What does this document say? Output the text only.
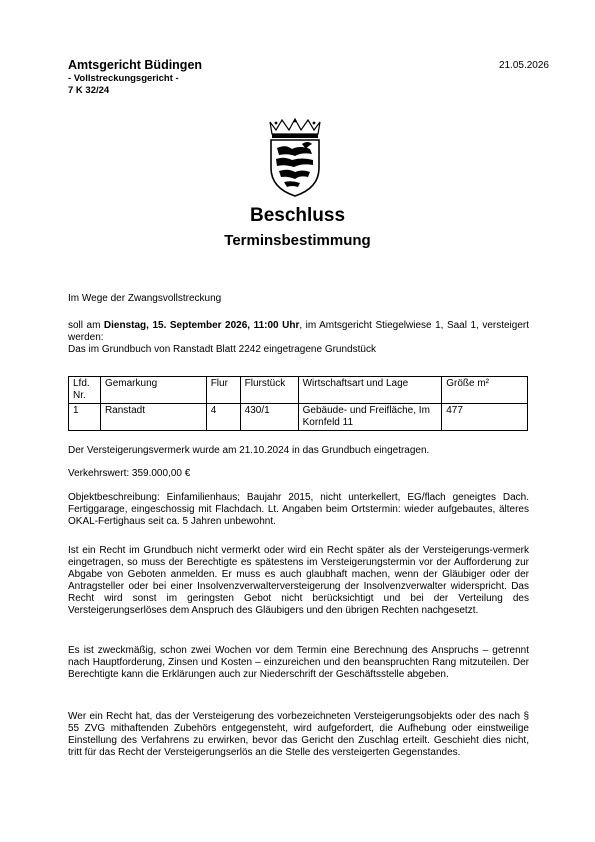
Amtsgericht Büdingen
- Vollstreckungsgericht -
7 K 32/24
21.05.2026
Beschluss
Terminsbestimmung
Im Wege der Zwangsvollstreckung
soll am Dienstag, 15. September 2026, 11:00 Uhr, im Amtsgericht Stiegelwiese 1, Saal 1, versteigert werden:
Das im Grundbuch von Ranstadt Blatt 2242 eingetragene Grundstück
Lfd. Nr.	Gemarkung	Flur	Flurstück	Wirtschaftsart und Lage	Größe m²
1	Ranstadt	4	430/1	Gebäude- und Freifläche, Im Kornfeld 11	477
Der Versteigerungsvermerk wurde am 21.10.2024 in das Grundbuch eingetragen.
Verkehrswert: 359.000,00 €
Objektbeschreibung: Einfamilienhaus; Baujahr 2015, nicht unterkellert, EG/flach geneigtes Dach. Fertiggarage, eingeschossig mit Flachdach. Lt. Angaben beim Ortstermin: wieder aufgebautes, älteres OKAL-Fertighaus seit ca. 5 Jahren unbewohnt.
Ist ein Recht im Grundbuch nicht vermerkt oder wird ein Recht später als der Versteigerungs-vermerk eingetragen, so muss der Berechtigte es spätestens im Versteigerungstermin vor der Aufforderung zur Abgabe von Geboten anmelden. Er muss es auch glaubhaft machen, wenn der Gläubiger oder der Antragsteller oder bei einer Insolvenzverwalterversteigerung der Insolvenzverwalter widerspricht. Das Recht wird sonst im geringsten Gebot nicht berücksichtigt und bei der Verteilung des Versteigerungserlöses dem Anspruch des Gläubigers und den übrigen Rechten nachgesetzt.
Es ist zweckmäßig, schon zwei Wochen vor dem Termin eine Berechnung des Anspruchs – getrennt nach Hauptforderung, Zinsen und Kosten – einzureichen und den beanspruchten Rang mitzuteilen. Der Berechtigte kann die Erklärungen auch zur Niederschrift der Geschäftsstelle abgeben.
Wer ein Recht hat, das der Versteigerung des vorbezeichneten Versteigerungsobjekts oder des nach § 55 ZVG mithaftenden Zubehörs entgegensteht, wird aufgefordert, die Aufhebung oder einstweilige Einstellung des Verfahrens zu erwirken, bevor das Gericht den Zuschlag erteilt. Geschieht dies nicht, tritt für das Recht der Versteigerungserlös an die Stelle des versteigerten Gegenstandes.
